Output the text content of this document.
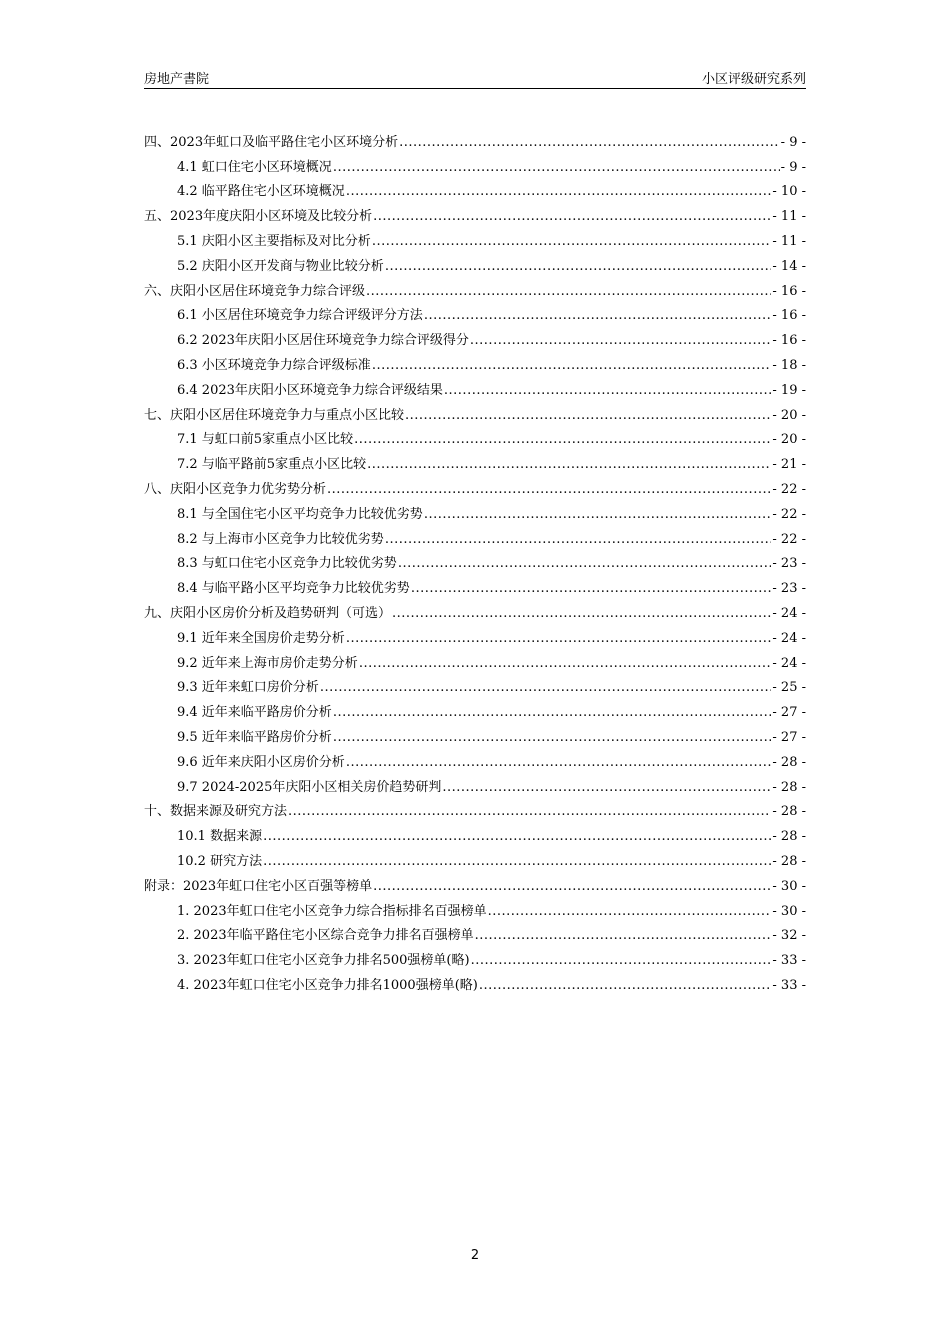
房地产書院	小区评级研究系列
四、2023年虹口及临平路住宅小区环境分析 .....	- 9 -
4.1 虹口住宅小区环境概况 .....	- 9 -
4.2 临平路住宅小区环境概况 .....	- 10 -
五、2023年度庆阳小区环境及比较分析 .....	- 11 -
5.1 庆阳小区主要指标及对比分析 .....	- 11 -
5.2 庆阳小区开发商与物业比较分析 .....	- 14 -
六、庆阳小区居住环境竞争力综合评级 .....	- 16 -
6.1 小区居住环境竞争力综合评级评分方法 .....	- 16 -
6.2 2023年庆阳小区居住环境竞争力综合评级得分 .....	- 16 -
6.3 小区环境竞争力综合评级标准 .....	- 18 -
6.4 2023年庆阳小区环境竞争力综合评级结果 .....	- 19 -
七、庆阳小区居住环境竞争力与重点小区比较 .....	- 20 -
7.1 与虹口前5家重点小区比较 .....	- 20 -
7.2 与临平路前5家重点小区比较 .....	- 21 -
八、庆阳小区竞争力优劣势分析 .....	- 22 -
8.1 与全国住宅小区平均竞争力比较优劣势 .....	- 22 -
8.2 与上海市小区竞争力比较优劣势 .....	- 22 -
8.3 与虹口住宅小区竞争力比较优劣势 .....	- 23 -
8.4 与临平路小区平均竞争力比较优劣势 .....	- 23 -
九、庆阳小区房价分析及趋势研判（可选） .....	- 24 -
9.1 近年来全国房价走势分析 .....	- 24 -
9.2 近年来上海市房价走势分析 .....	- 24 -
9.3 近年来虹口房价分析 .....	- 25 -
9.4 近年来临平路房价分析 .....	- 27 -
9.5 近年来临平路房价分析 .....	- 27 -
9.6 近年来庆阳小区房价分析 .....	- 28 -
9.7 2024-2025年庆阳小区相关房价趋势研判 .....	- 28 -
十、数据来源及研究方法 .....	- 28 -
10.1 数据来源 .....	- 28 -
10.2 研究方法 .....	- 28 -
附录：2023年虹口住宅小区百强等榜单 .....	- 30 -
1. 2023年虹口住宅小区竞争力综合指标排名百强榜单 .....	- 30 -
2. 2023年临平路住宅小区综合竞争力排名百强榜单 .....	- 32 -
3. 2023年虹口住宅小区竞争力排名500强榜单(略) .....	- 33 -
4. 2023年虹口住宅小区竞争力排名1000强榜单(略) .....	- 33 -
2
